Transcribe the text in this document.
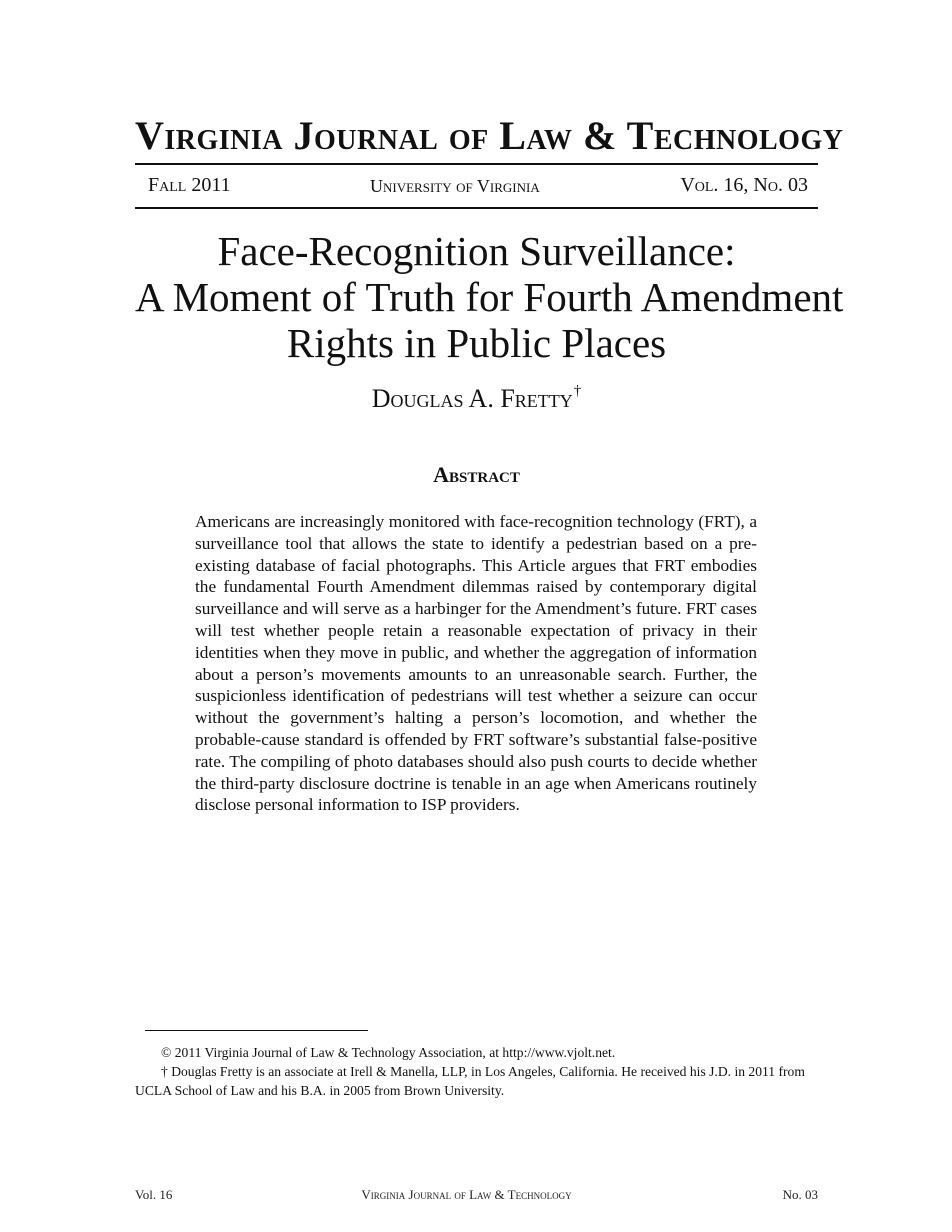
Virginia Journal of Law & Technology
Fall 2011	University of Virginia	Vol. 16, No. 03
Face-Recognition Surveillance:
A Moment of Truth for Fourth Amendment
Rights in Public Places
Douglas A. Fretty†
Abstract
Americans are increasingly monitored with face-recognition technology (FRT), a surveillance tool that allows the state to identify a pedestrian based on a pre-existing database of facial photographs. This Article argues that FRT embodies the fundamental Fourth Amendment dilemmas raised by contemporary digital surveillance and will serve as a harbinger for the Amendment’s future. FRT cases will test whether people retain a reasonable expectation of privacy in their identities when they move in public, and whether the aggregation of information about a person’s movements amounts to an unreasonable search. Further, the suspicionless identification of pedestrians will test whether a seizure can occur without the government’s halting a person’s locomotion, and whether the probable-cause standard is offended by FRT software’s substantial false-positive rate. The compiling of photo databases should also push courts to decide whether the third-party disclosure doctrine is tenable in an age when Americans routinely disclose personal information to ISP providers.

© 2011 Virginia Journal of Law & Technology Association, at http://www.vjolt.net.

† Douglas Fretty is an associate at Irell & Manella, LLP, in Los Angeles, California. He received his J.D. in 2011 from UCLA School of Law and his B.A. in 2005 from Brown University.

Vol. 16	Virginia Journal of Law & Technology	No. 03
